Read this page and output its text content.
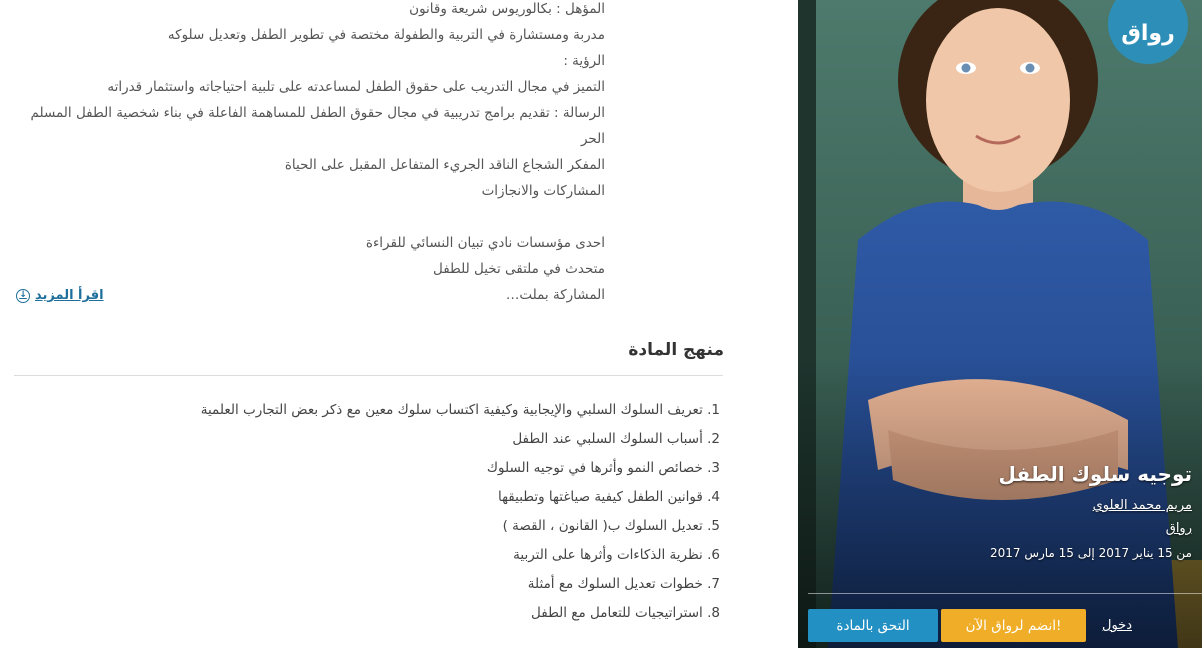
المؤهل : بكالوريوس شريعة وقانون

مدربة ومستشارة في التربية والطفولة مختصة في تطوير الطفل وتعديل سلوكه

الرؤية :

التميز في مجال التدريب على حقوق الطفل لمساعدته على تلبية احتياجاته واستثمار قدراته

الرسالة : تقديم برامج تدريبية في مجال حقوق الطفل للمساهمة الفاعلة في بناء شخصية الطفل المسلم الحر

المفكر الشجاع الناقد الجريء المتفاعل المقبل على الحياة

المشاركات والانجازات

احدى مؤسسات نادي تبيان النسائي للقراءة

متحدث في ملتقى تخيل للطفل

المشاركة بملت…

↓ اقرأ المزيد
منهج المادة
1. تعريف السلوك السلبي والإيجابية وكيفية اكتساب سلوك معين مع ذكر بعض التجارب العلمية
2. أسباب السلوك السلبي عند الطفل
3. خصائص النمو وأثرها في توجيه السلوك
4. قوانين الطفل كيفية صياغتها وتطبيقها
5. تعديل السلوك ب( القانون ، القصة )
6. نظرية الذكاءات وأثرها على التربية
7. خطوات تعديل السلوك مع أمثلة
8. استراتيجيات للتعامل مع الطفل
رواق
توجيه سلوك الطفل
مريم محمد العلوي
رواق
من 15 يناير 2017 إلى 15 مارس 2017
التحق بالمادة	انضم لرواق الآن!	دخول
